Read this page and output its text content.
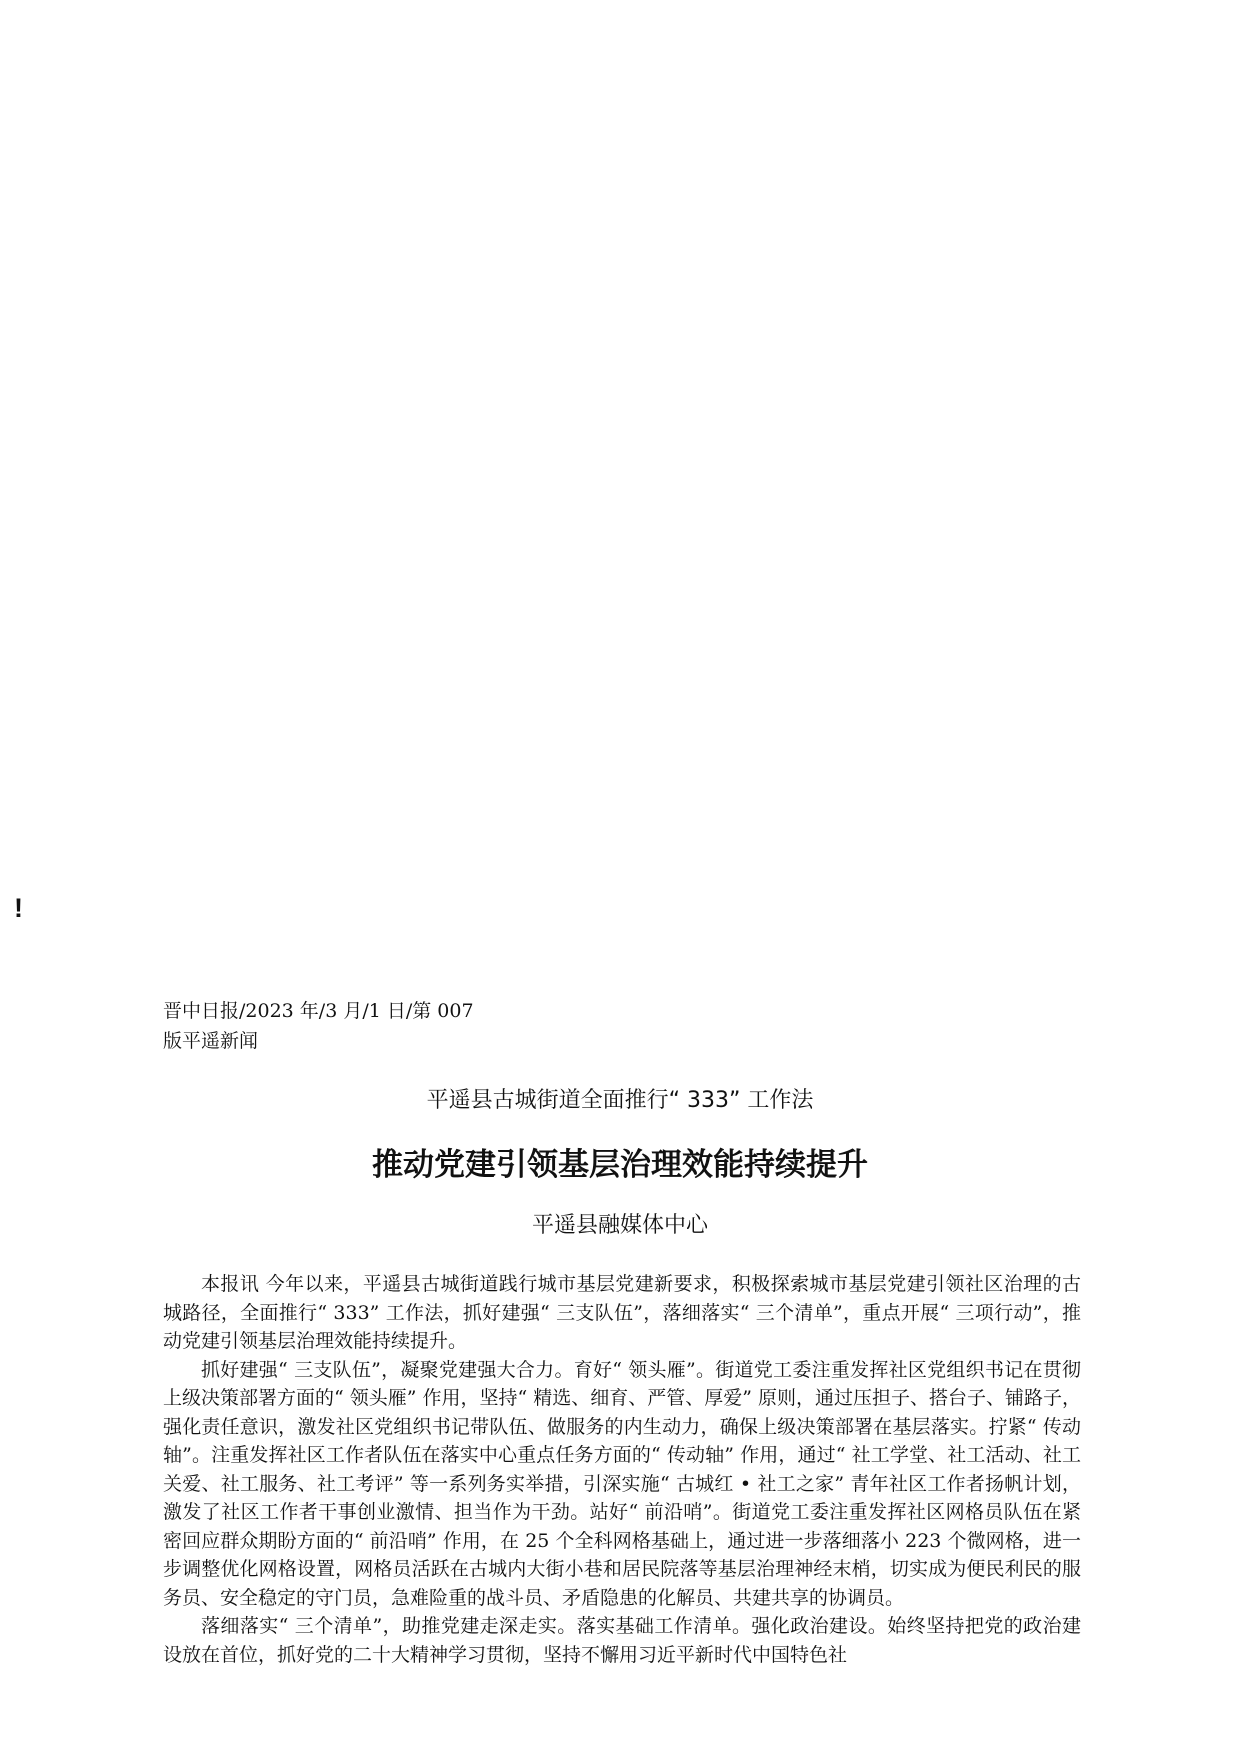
!
晋中日报/2023 年/3 月/1 日/第 007 版平遥新闻
平遥县古城街道全面推行“ 333” 工作法
推动党建引领基层治理效能持续提升
平遥县融媒体中心

本报讯 今年以来，平遥县古城街道践行城市基层党建新要求，积极探索城市基层党建引领社区治理的古城路径，全面推行“ 333” 工作法，抓好建强“ 三支队伍”，落细落实“ 三个清单”，重点开展“ 三项行动”，推动党建引领基层治理效能持续提升。

抓好建强“ 三支队伍”，凝聚党建强大合力。育好“ 领头雁”。街道党工委注重发挥社区党组织书记在贯彻上级决策部署方面的“ 领头雁” 作用，坚持“ 精选、细育、严管、厚爱” 原则，通过压担子、搭台子、铺路子，强化责任意识，激发社区党组织书记带队伍、做服务的内生动力，确保上级决策部署在基层落实。拧紧“ 传动轴”。注重发挥社区工作者队伍在落实中心重点任务方面的“ 传动轴” 作用，通过“ 社工学堂、社工活动、社工关爱、社工服务、社工考评” 等一系列务实举措，引深实施“ 古城红 • 社工之家” 青年社区工作者扬帆计划，激发了社区工作者干事创业激情、担当作为干劲。站好“ 前沿哨”。街道党工委注重发挥社区网格员队伍在紧密回应群众期盼方面的“ 前沿哨” 作用，在 25 个全科网格基础上，通过进一步落细落小 223 个微网格，进一步调整优化网格设置，网格员活跃在古城内大街小巷和居民院落等基层治理神经末梢，切实成为便民利民的服务员、安全稳定的守门员，急难险重的战斗员、矛盾隐患的化解员、共建共享的协调员。

落细落实“ 三个清单”，助推党建走深走实。落实基础工作清单。强化政治建设。始终坚持把党的政治建设放在首位，抓好党的二十大精神学习贯彻，坚持不懈用习近平新时代中国特色社
